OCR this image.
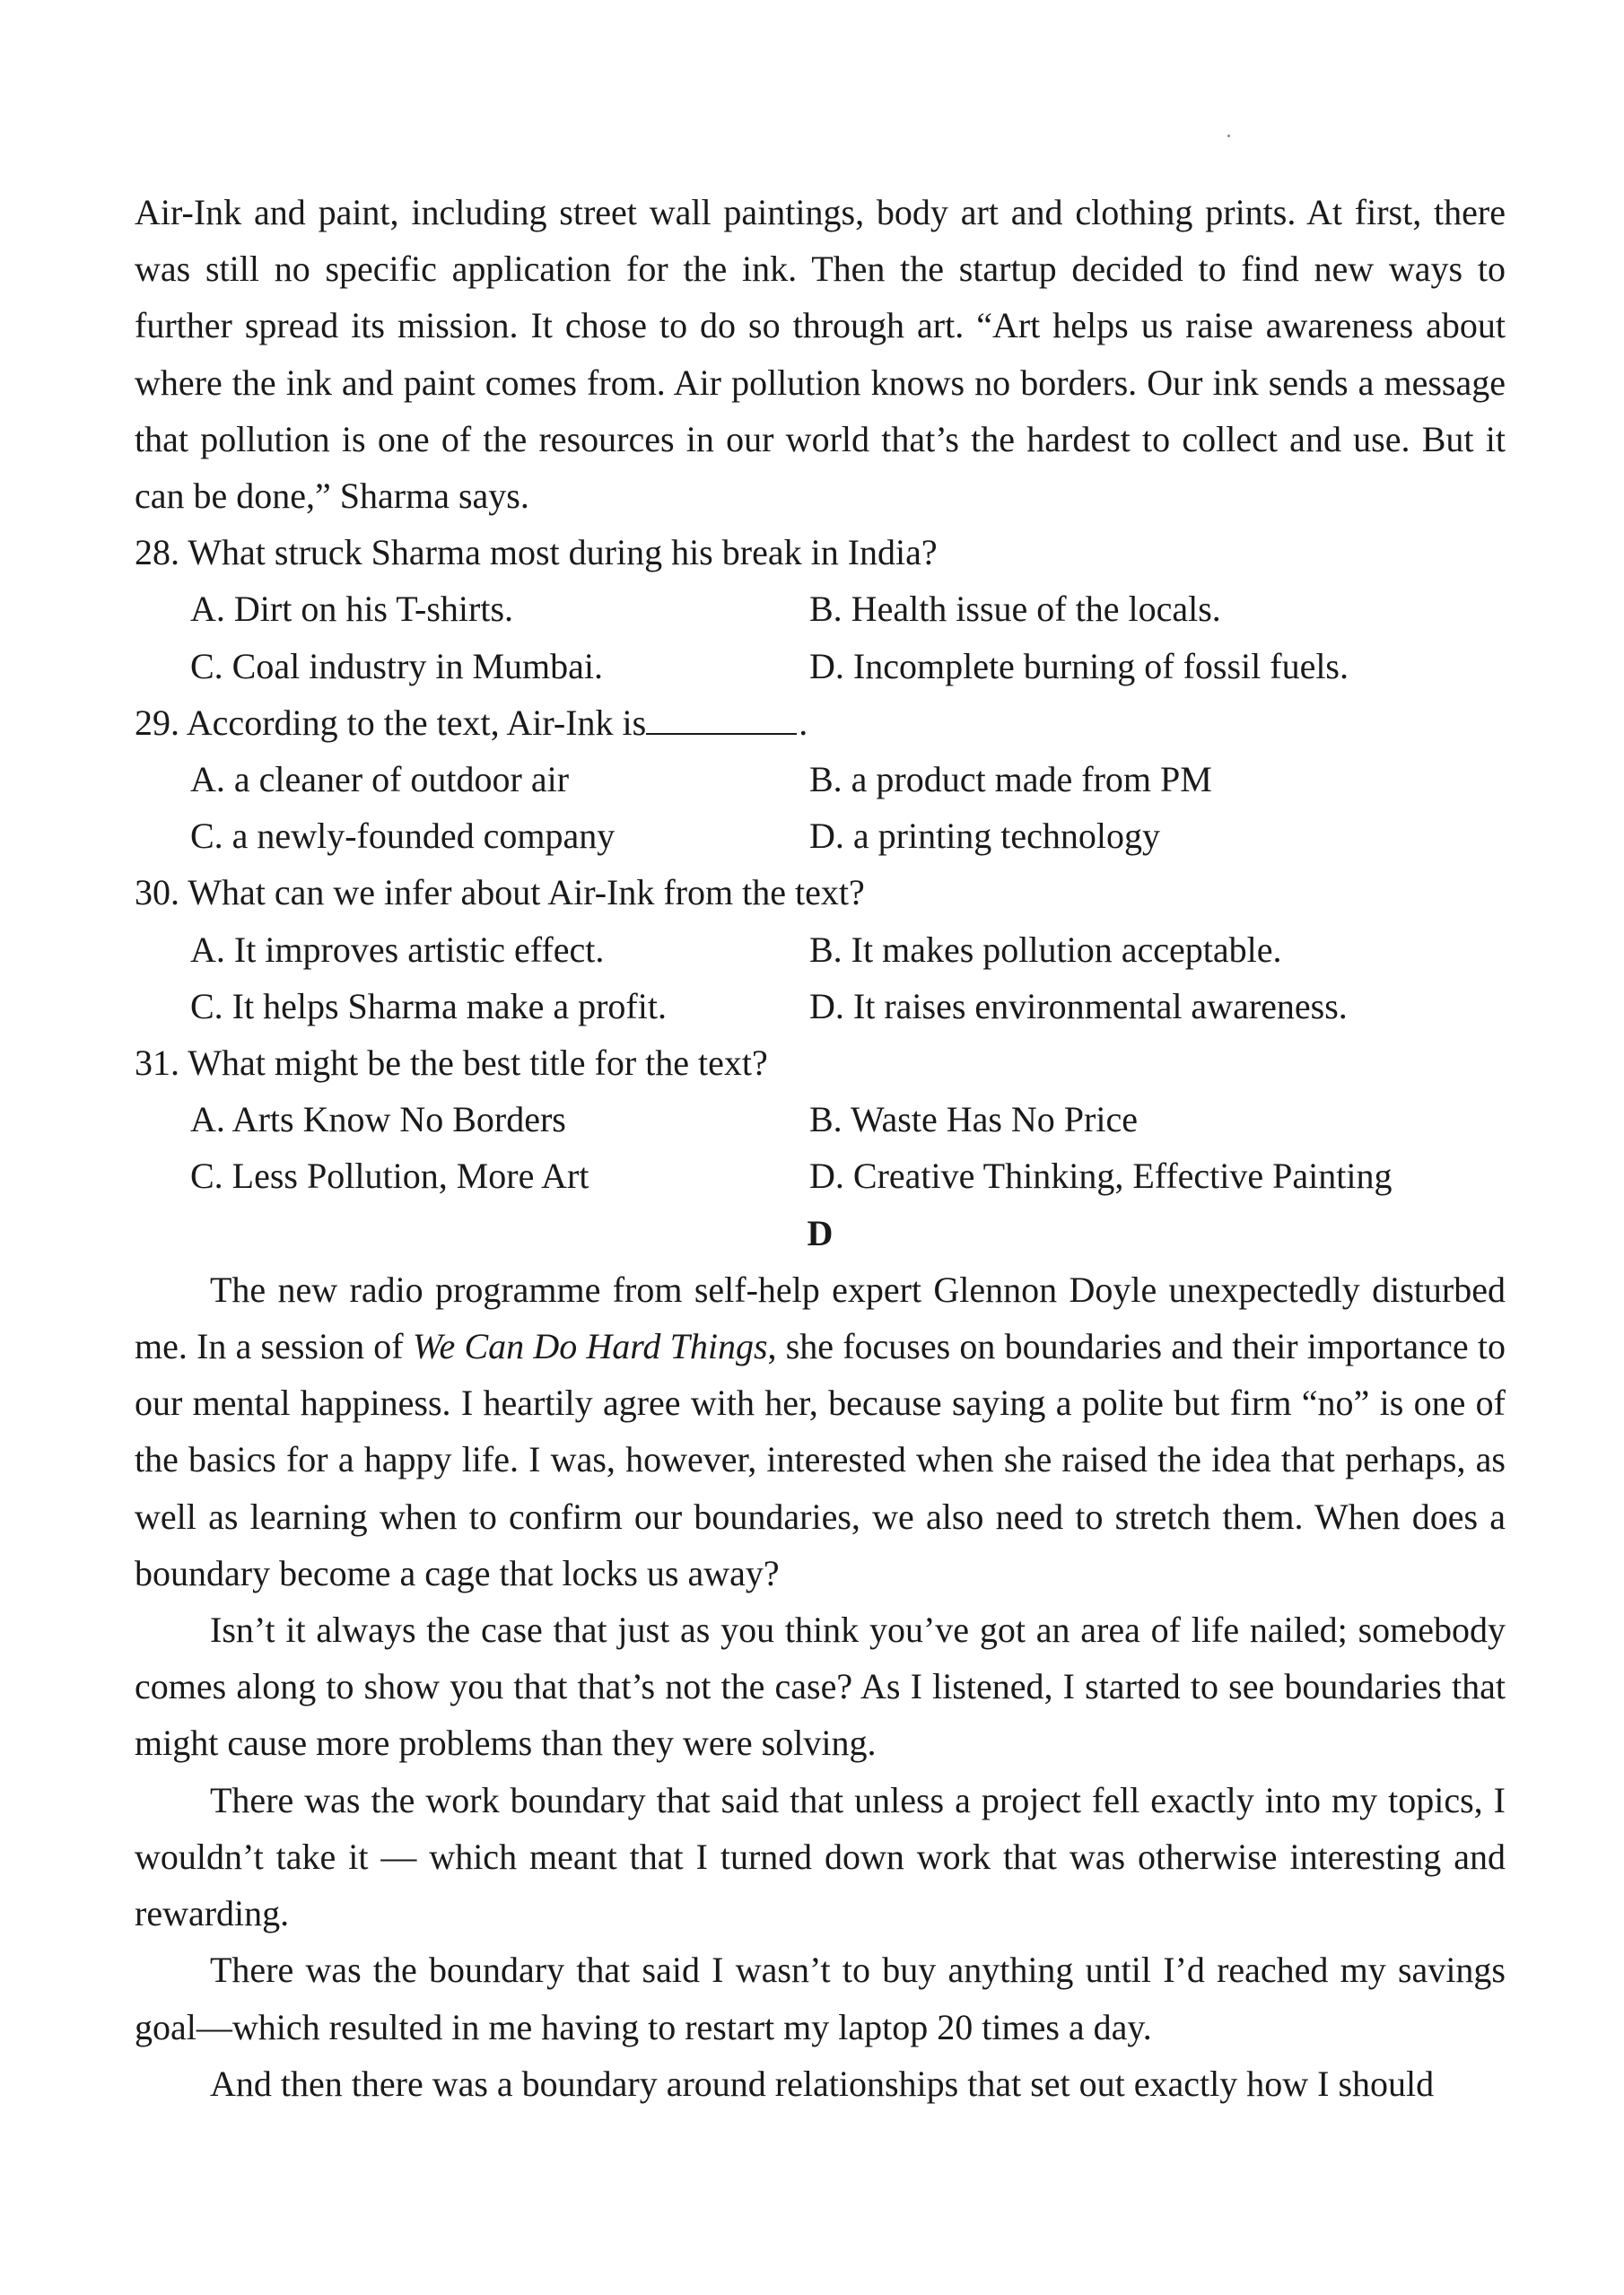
Air-Ink and paint, including street wall paintings, body art and clothing prints. At first, there was still no specific application for the ink. Then the startup decided to find new ways to further spread its mission. It chose to do so through art. “Art helps us raise awareness about where the ink and paint comes from. Air pollution knows no borders. Our ink sends a message that pollution is one of the resources in our world that’s the hardest to collect and use. But it can be done,” Sharma says.

28. What struck Sharma most during his break in India?

A. Dirt on his T-shirts.	B. Health issue of the locals.
C. Coal industry in Mumbai.	D. Incomplete burning of fossil fuels.

29. According to the text, Air-Ink is	.

A. a cleaner of outdoor air	B. a product made from PM
C. a newly-founded company	D. a printing technology

30. What can we infer about Air-Ink from the text?

A. It improves artistic effect.	B. It makes pollution acceptable.
C. It helps Sharma make a profit.	D. It raises environmental awareness.

31. What might be the best title for the text?

A. Arts Know No Borders	B. Waste Has No Price
C. Less Pollution, More Art	D. Creative Thinking, Effective Painting

D

The new radio programme from self-help expert Glennon Doyle unexpectedly disturbed me. In a session of We Can Do Hard Things, she focuses on boundaries and their importance to our mental happiness. I heartily agree with her, because saying a polite but firm “no” is one of the basics for a happy life. I was, however, interested when she raised the idea that perhaps, as well as learning when to confirm our boundaries, we also need to stretch them. When does a boundary become a cage that locks us away?

Isn’t it always the case that just as you think you’ve got an area of life nailed; somebody comes along to show you that that’s not the case? As I listened, I started to see boundaries that might cause more problems than they were solving.

There was the work boundary that said that unless a project fell exactly into my topics, I wouldn’t take it — which meant that I turned down work that was otherwise interesting and rewarding.

There was the boundary that said I wasn’t to buy anything until I’d reached my savings goal—which resulted in me having to restart my laptop 20 times a day.

And then there was a boundary around relationships that set out exactly how I should
